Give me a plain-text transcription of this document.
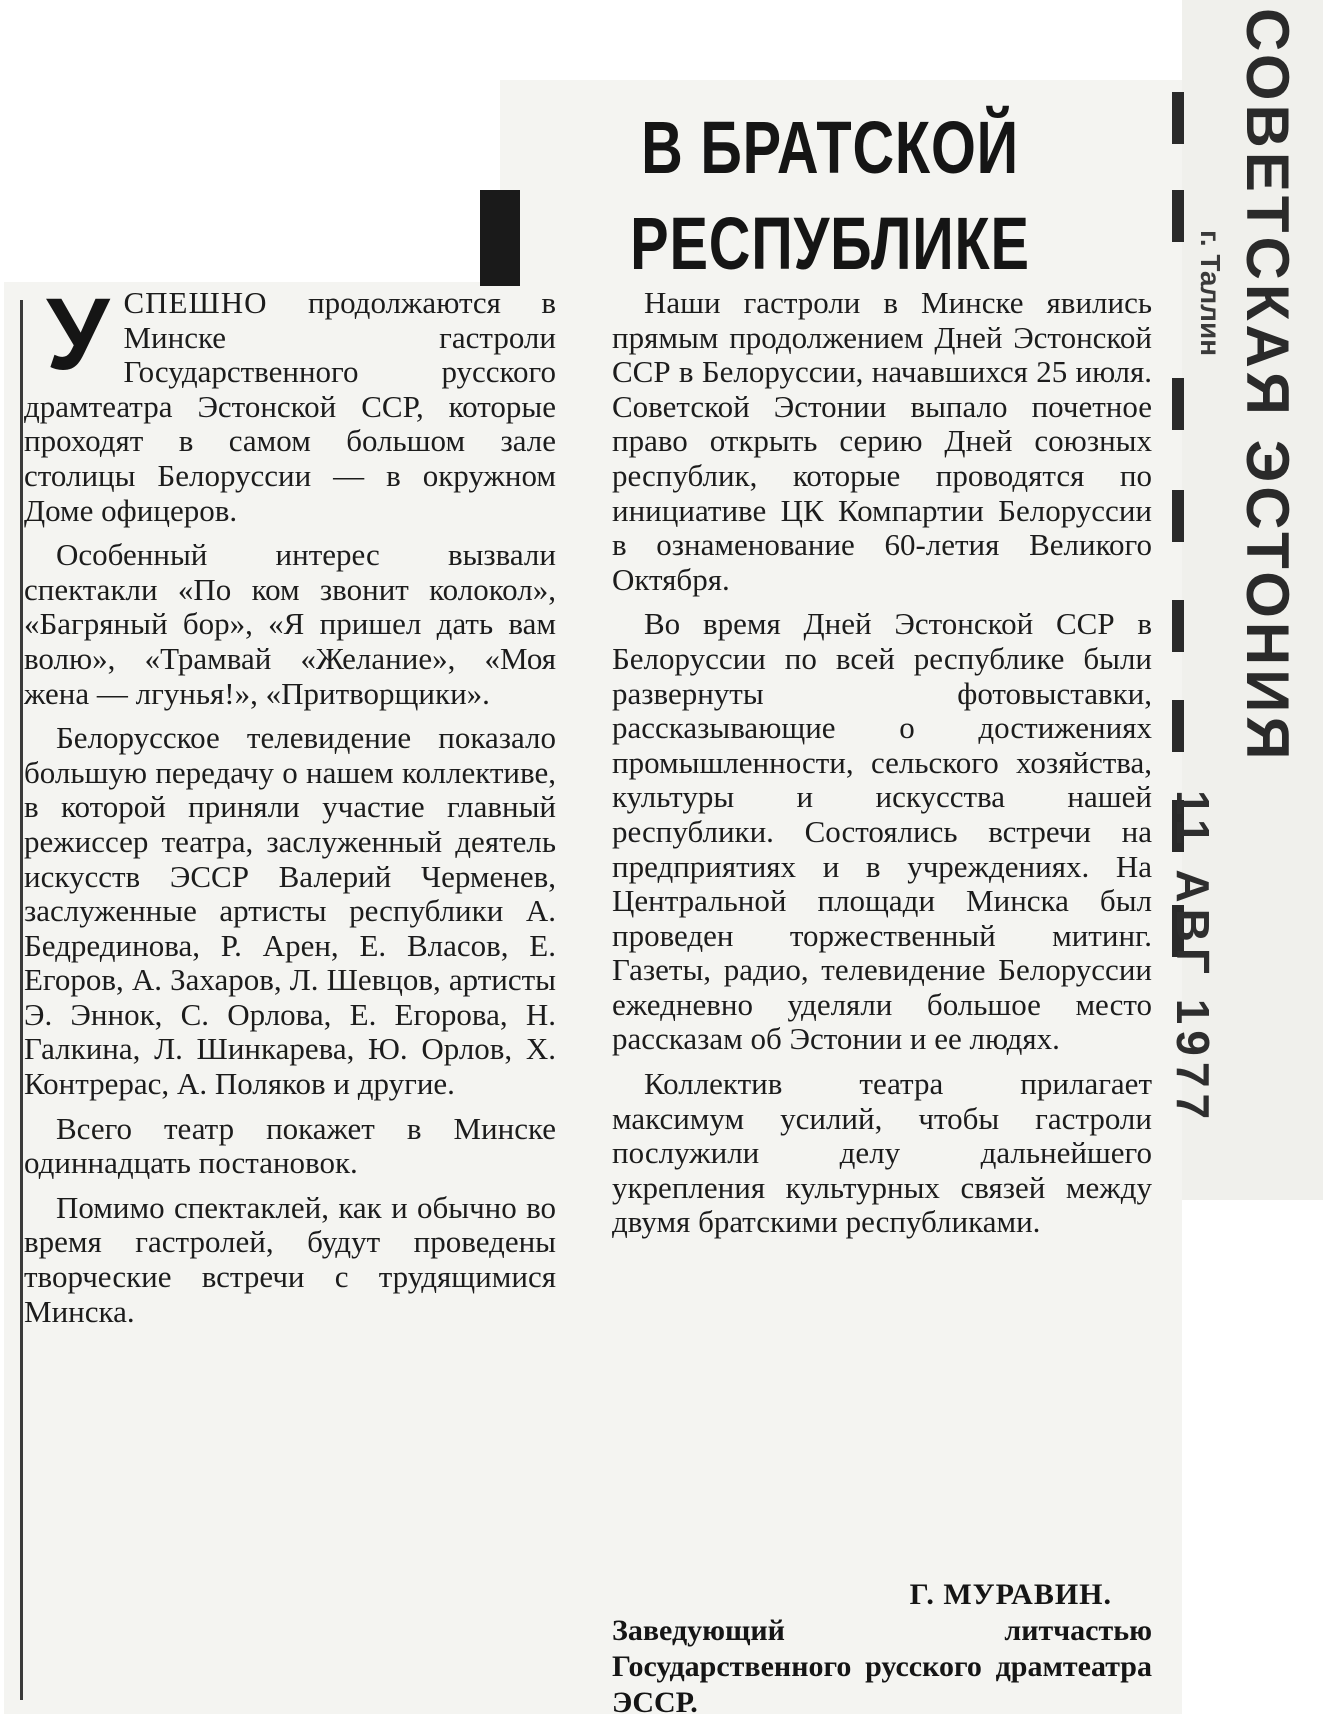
В БРАТСКОЙ
РЕСПУБЛИКЕ	СОВЕТСКАЯ ЭСТОНИЯ
г. Таллин
11 АВГ 1977

УСПЕШНО продолжаются в Минске гастроли Государственного русского драмтеатра Эстонской ССР, которые проходят в самом большом зале столицы Белоруссии — в окружном Доме офицеров.

Особенный интерес вызвали спектакли «По ком звонит колокол», «Багряный бор», «Я пришел дать вам волю», «Трамвай «Желание», «Моя жена — лгунья!», «Притворщики».

Белорусское телевидение показало большую передачу о нашем коллективе, в которой приняли участие главный режиссер театра, заслуженный деятель искусств ЭССР Валерий Черменев, заслуженные артисты республики А. Бедрединова, Р. Арен, Е. Власов, Е. Егоров, А. Захаров, Л. Шевцов, артисты Э. Эннок, С. Орлова, Е. Егорова, Н. Галкина, Л. Шинкарева, Ю. Орлов, Х. Контрерас, А. Поляков и другие.

Всего театр покажет в Минске одиннадцать постановок.

Помимо спектаклей, как и обычно во время гастролей, будут проведены творческие встречи с трудящимися Минска.

Наши гастроли в Минске явились прямым продолжением Дней Эстонской ССР в Белоруссии, начавшихся 25 июля. Советской Эстонии выпало почетное право открыть серию Дней союзных республик, которые проводятся по инициативе ЦК Компартии Белоруссии в ознаменование 60-летия Великого Октября.

Во время Дней Эстонской ССР в Белоруссии по всей республике были развернуты фотовыставки, рассказывающие о достижениях промышленности, сельского хозяйства, культуры и искусства нашей республики. Состоялись встречи на предприятиях и в учреждениях. На Центральной площади Минска был проведен торжественный митинг. Газеты, радио, телевидение Белоруссии ежедневно уделяли большое место рассказам об Эстонии и ее людях.

Коллектив театра прилагает максимум усилий, чтобы гастроли послужили делу дальнейшего укрепления культурных связей между двумя братскими республиками.

Г. МУРАВИН.
Заведующий литчастью Государственного русского драмтеатра ЭССР.
